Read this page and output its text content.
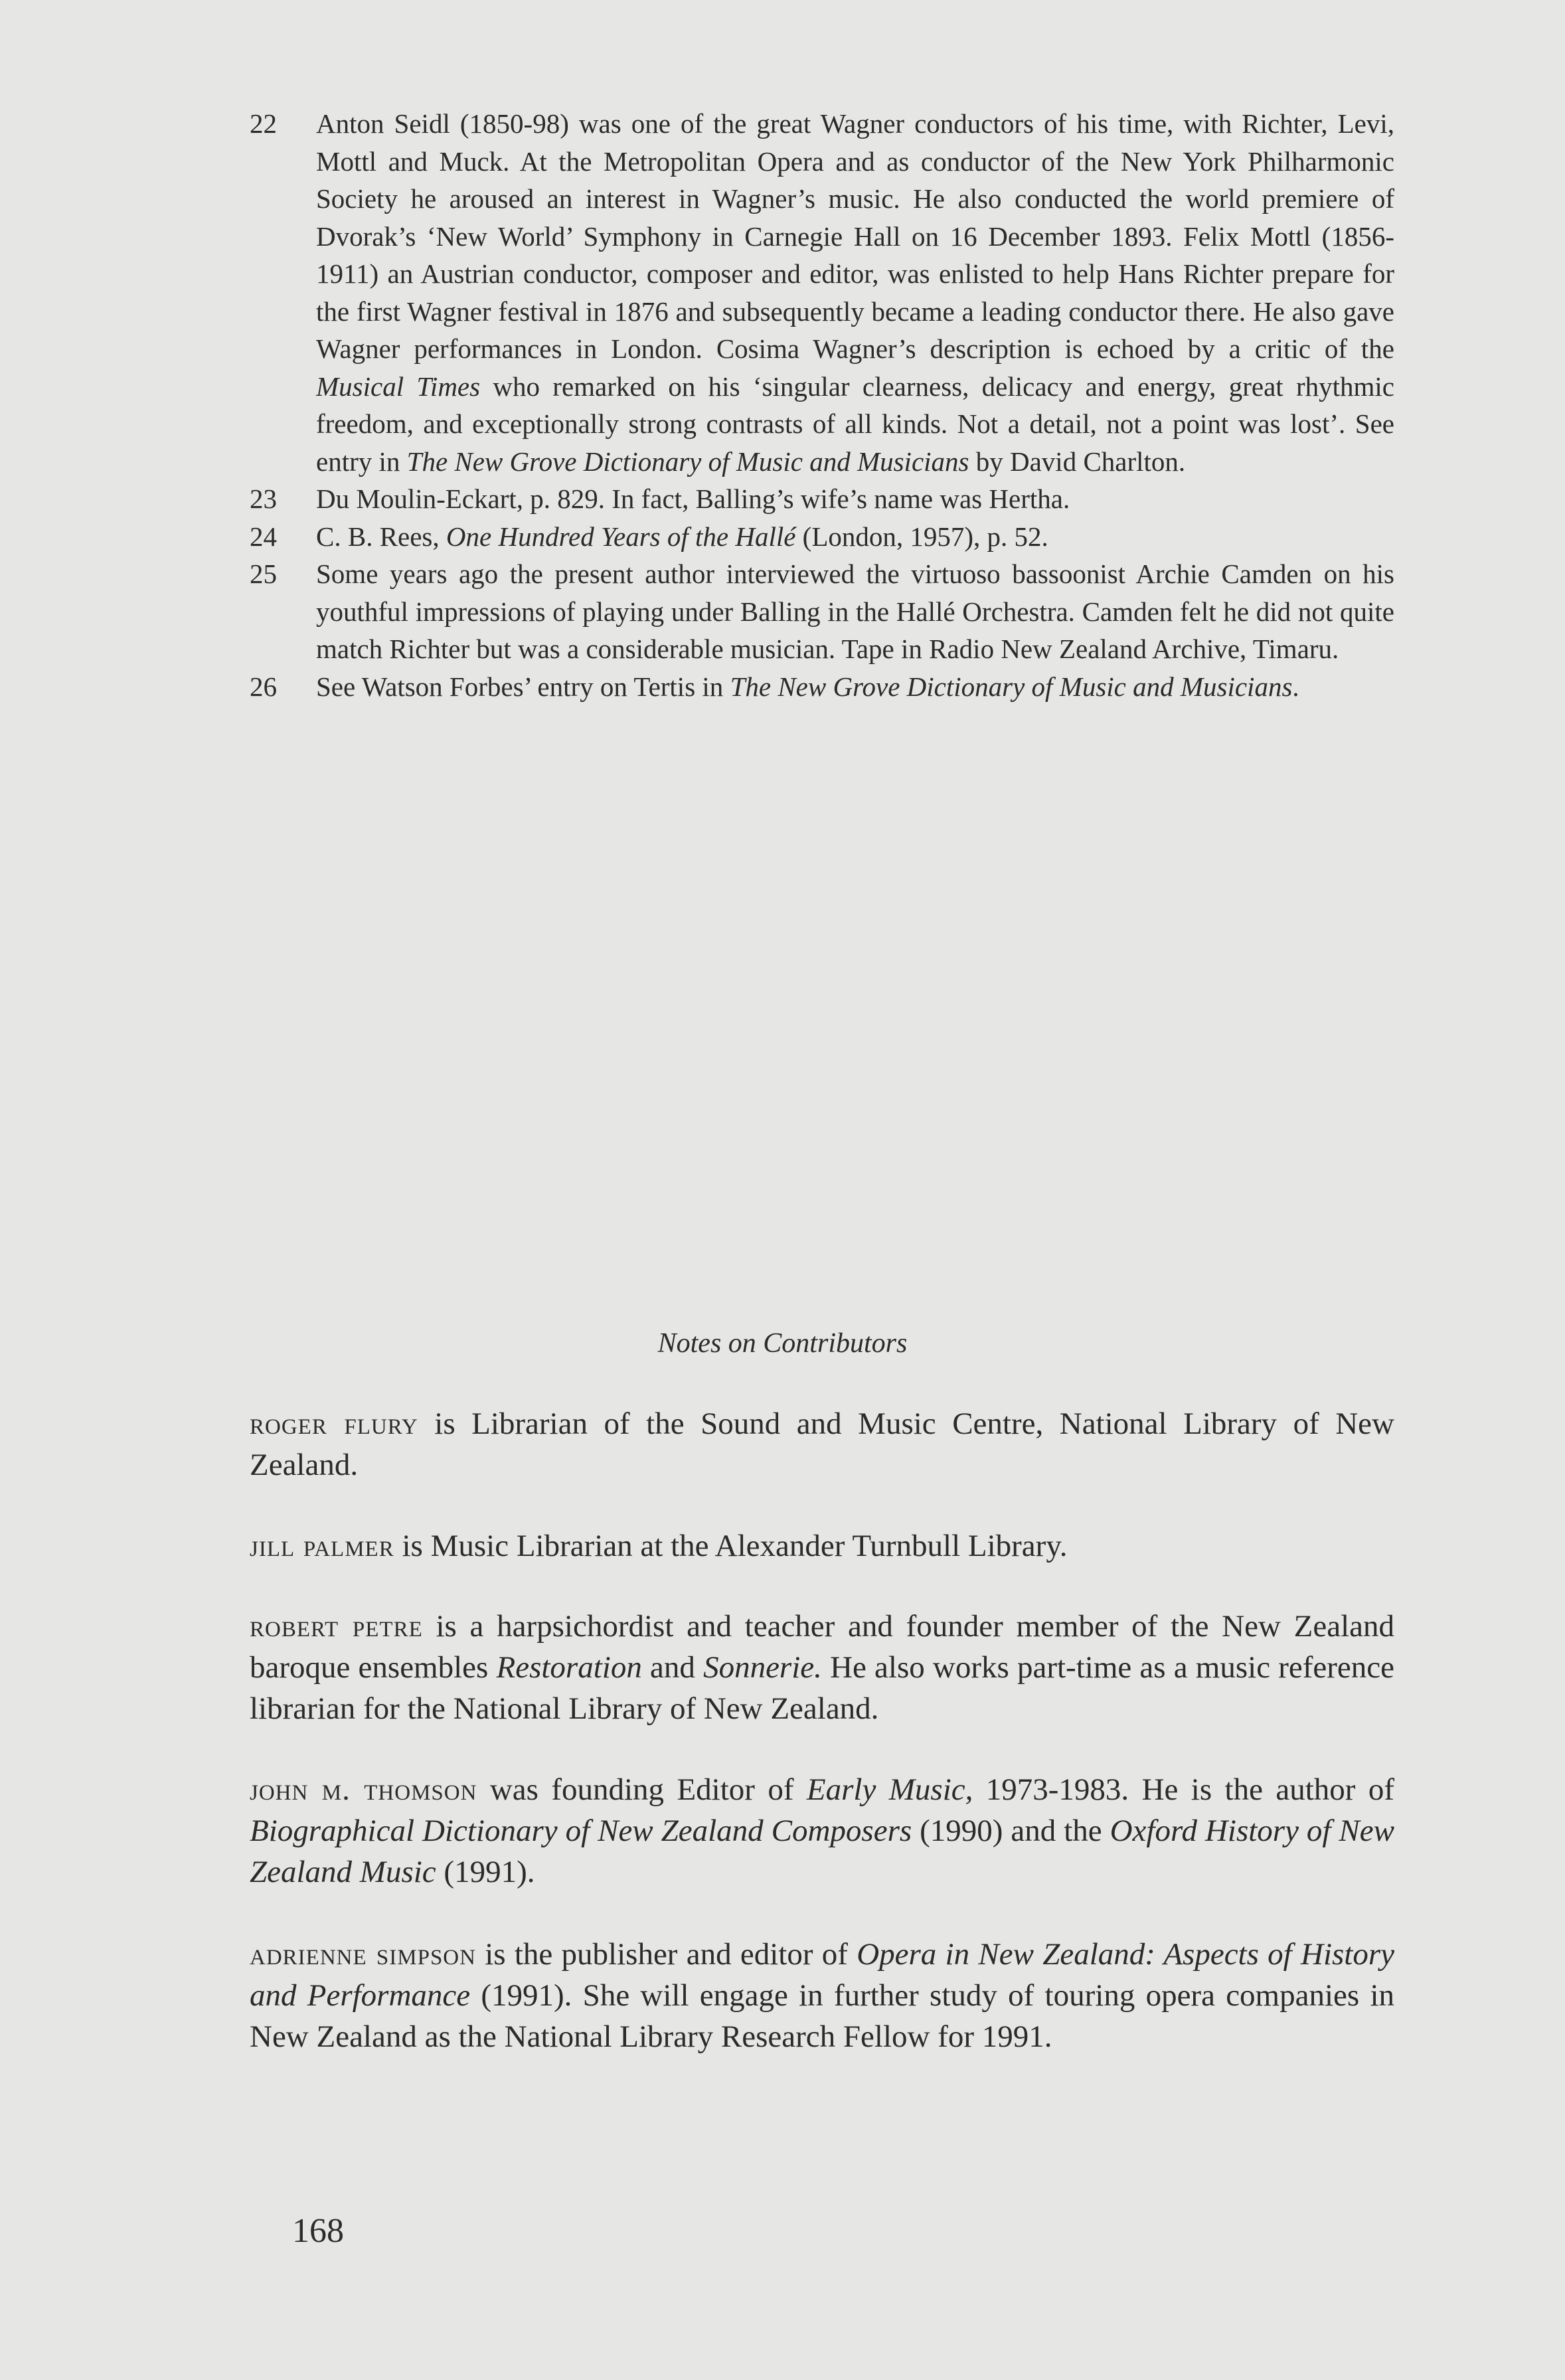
22	Anton Seidl (1850-98) was one of the great Wagner conductors of his time, with Richter, Levi, Mottl and Muck. At the Metropolitan Opera and as conductor of the New York Philharmonic Society he aroused an interest in Wagner’s music. He also conducted the world premiere of Dvorak’s ‘New World’ Symphony in Carnegie Hall on 16 December 1893. Felix Mottl (1856-1911) an Austrian conductor, composer and editor, was enlisted to help Hans Richter prepare for the first Wagner festival in 1876 and subsequently became a leading conductor there. He also gave Wagner performances in London. Cosima Wagner’s description is echoed by a critic of the Musical Times who remarked on his ‘singular clearness, delicacy and energy, great rhythmic freedom, and exceptionally strong contrasts of all kinds. Not a detail, not a point was lost’. See entry in The New Grove Dictionary of Music and Musicians by David Charlton.
23	Du Moulin-Eckart, p. 829. In fact, Balling’s wife’s name was Hertha.
24	C. B. Rees, One Hundred Years of the Hallé (London, 1957), p. 52.
25	Some years ago the present author interviewed the virtuoso bassoonist Archie Camden on his youthful impressions of playing under Balling in the Hallé Orchestra. Camden felt he did not quite match Richter but was a considerable musician. Tape in Radio New Zealand Archive, Timaru.
26	See Watson Forbes’ entry on Tertis in The New Grove Dictionary of Music and Musicians.
Notes on Contributors

roger flury is Librarian of the Sound and Music Centre, National Library of New Zealand.

jill palmer is Music Librarian at the Alexander Turnbull Library.

robert petre is a harpsichordist and teacher and founder member of the New Zealand baroque ensembles Restoration and Sonnerie. He also works part-time as a music reference librarian for the National Library of New Zealand.

john m. thomson was founding Editor of Early Music, 1973-1983. He is the author of Biographical Dictionary of New Zealand Composers (1990) and the Oxford History of New Zealand Music (1991).

adrienne simpson is the publisher and editor of Opera in New Zealand: Aspects of History and Performance (1991). She will engage in further study of touring opera companies in New Zealand as the National Library Research Fellow for 1991.

168
